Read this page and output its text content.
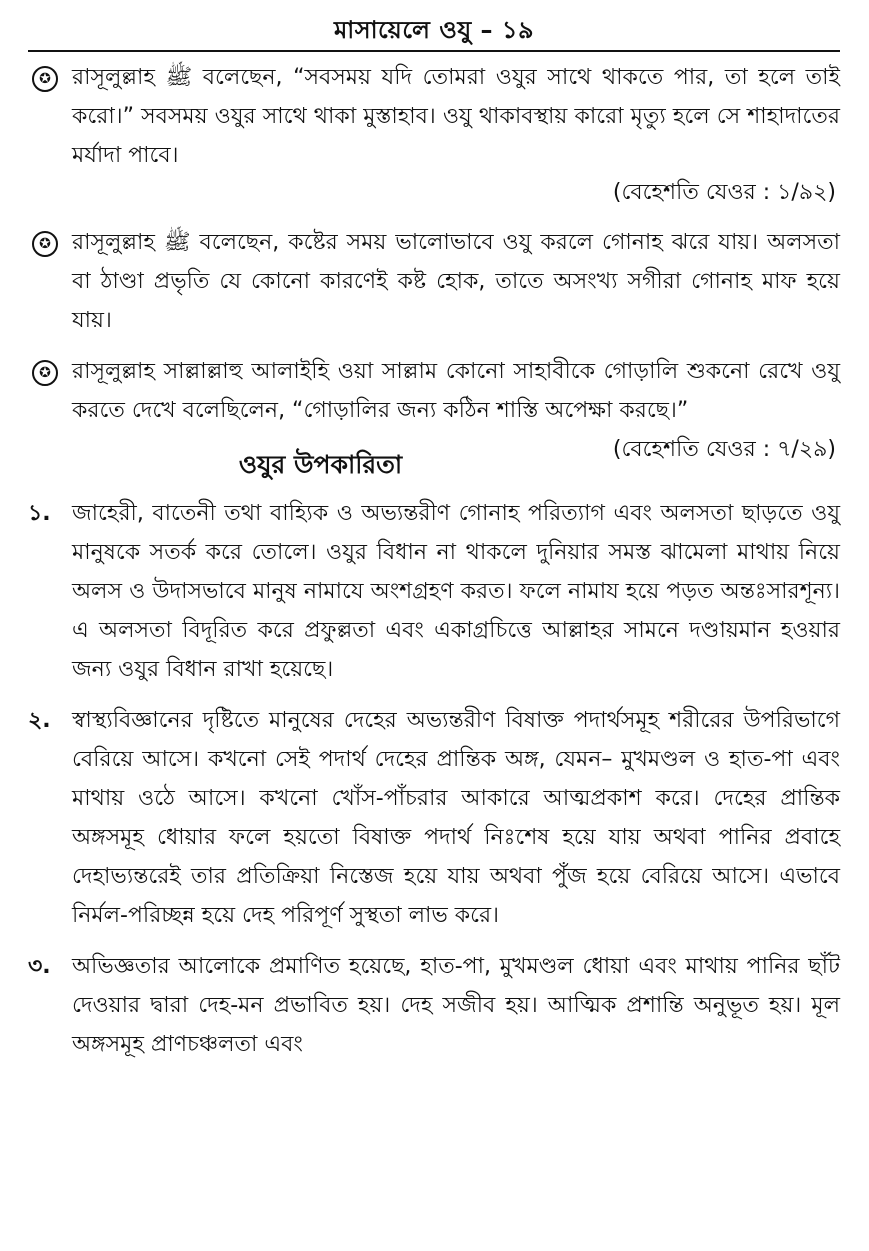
মাসায়েলে ওযু – ১৯
✪ রাসূলুল্লাহ ﷺ বলেছেন, “সবসময় যদি তোমরা ওযুর সাথে থাকতে পার, তা হলে তাই করো।” সবসময় ওযুর সাথে থাকা মুস্তাহাব। ওযু থাকাবস্থায় কারো মৃত্যু হলে সে শাহাদাতের মর্যাদা পাবে।
(বেহেশতি যেওর : ১/৯২)
✪ রাসূলুল্লাহ ﷺ বলেছেন, কষ্টের সময় ভালোভাবে ওযু করলে গোনাহ ঝরে যায়। অলসতা বা ঠাণ্ডা প্রভৃতি যে কোনো কারণেই কষ্ট হোক, তাতে অসংখ্য সগীরা গোনাহ মাফ হয়ে যায়।
✪ রাসূলুল্লাহ সাল্লাল্লাহু আলাইহি ওয়া সাল্লাম কোনো সাহাবীকে গোড়ালি শুকনো রেখে ওযু করতে দেখে বলেছিলেন, “গোড়ালির জন্য কঠিন শাস্তি অপেক্ষা করছে।”
(বেহেশতি যেওর : ৭/২৯)
ওযুর উপকারিতা
১. জাহেরী, বাতেনী তথা বাহ্যিক ও অভ্যন্তরীণ গোনাহ পরিত্যাগ এবং অলসতা ছাড়তে ওযু মানুষকে সতর্ক করে তোলে। ওযুর বিধান না থাকলে দুনিয়ার সমস্ত ঝামেলা মাথায় নিয়ে অলস ও উদাসভাবে মানুষ নামাযে অংশগ্রহণ করত। ফলে নামায হয়ে পড়ত অন্তঃসারশূন্য। এ অলসতা বিদূরিত করে প্রফুল্লতা এবং একাগ্রচিত্তে আল্লাহর সামনে দণ্ডায়মান হওয়ার জন্য ওযুর বিধান রাখা হয়েছে।
২. স্বাস্থ্যবিজ্ঞানের দৃষ্টিতে মানুষের দেহের অভ্যন্তরীণ বিষাক্ত পদার্থসমূহ শরীরের উপরিভাগে বেরিয়ে আসে। কখনো সেই পদার্থ দেহের প্রান্তিক অঙ্গ, যেমন– মুখমণ্ডল ও হাত-পা এবং মাথায় ওঠে আসে। কখনো খোঁস-পাঁচরার আকারে আত্মপ্রকাশ করে। দেহের প্রান্তিক অঙ্গসমূহ ধোয়ার ফলে হয়তো বিষাক্ত পদার্থ নিঃশেষ হয়ে যায় অথবা পানির প্রবাহে দেহাভ্যন্তরেই তার প্রতিক্রিয়া নিস্তেজ হয়ে যায় অথবা পুঁজ হয়ে বেরিয়ে আসে। এভাবে নির্মল-পরিচ্ছন্ন হয়ে দেহ পরিপূর্ণ সুস্থতা লাভ করে।
৩. অভিজ্ঞতার আলোকে প্রমাণিত হয়েছে, হাত-পা, মুখমণ্ডল ধোয়া এবং মাথায় পানির ছাঁট দেওয়ার দ্বারা দেহ-মন প্রভাবিত হয়। দেহ সজীব হয়। আত্মিক প্রশান্তি অনুভূত হয়। মূল অঙ্গসমূহ প্রাণচঞ্চলতা এবং
